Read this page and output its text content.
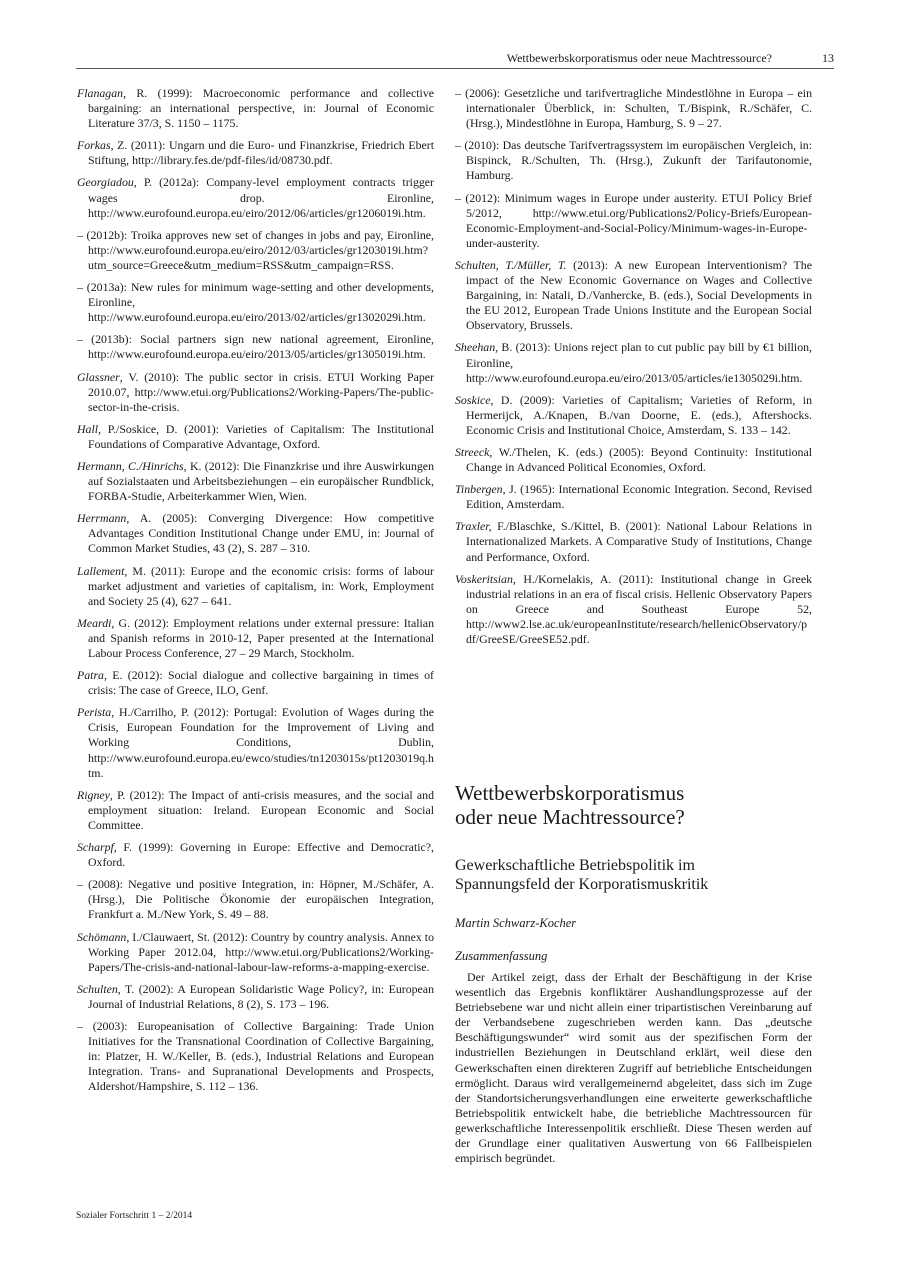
Wettbewerbskorporatismus oder neue Machtressource?	13

Flanagan, R. (1999): Macroeconomic performance and collective bargaining: an international perspective, in: Journal of Economic Literature 37/3, S. 1150 – 1175.

Forkas, Z. (2011): Ungarn und die Euro- und Finanzkrise, Friedrich Ebert Stiftung, http://library.fes.de/pdf-files/id/08730.pdf.

Georgiadou, P. (2012a): Company-level employment contracts trigger wages drop. Eironline, http://www.eurofound.europa.eu/eiro/2012/06/articles/gr1206019i.htm.

– (2012b): Troika approves new set of changes in jobs and pay, Eironline, http://www.eurofound.europa.eu/eiro/2012/03/articles/gr1203019i.htm?utm_source=Greece&utm_medium=RSS&utm_campaign=RSS.

– (2013a): New rules for minimum wage-setting and other developments, Eironline, http://www.eurofound.europa.eu/eiro/2013/02/articles/gr1302029i.htm.

– (2013b): Social partners sign new national agreement, Eironline, http://www.eurofound.europa.eu/eiro/2013/05/articles/gr1305019i.htm.

Glassner, V. (2010): The public sector in crisis. ETUI Working Paper 2010.07, http://www.etui.org/Publications2/Working-Papers/The-public-sector-in-the-crisis.

Hall, P./Soskice, D. (2001): Varieties of Capitalism: The Institutional Foundations of Comparative Advantage, Oxford.

Hermann, C./Hinrichs, K. (2012): Die Finanzkrise und ihre Auswirkungen auf Sozialstaaten und Arbeitsbeziehungen – ein europäischer Rundblick, FORBA-Studie, Arbeiterkammer Wien, Wien.

Herrmann, A. (2005): Converging Divergence: How competitive Advantages Condition Institutional Change under EMU, in: Journal of Common Market Studies, 43 (2), S. 287 – 310.

Lallement, M. (2011): Europe and the economic crisis: forms of labour market adjustment and varieties of capitalism, in: Work, Employment and Society 25 (4), 627 – 641.

Meardi, G. (2012): Employment relations under external pressure: Italian and Spanish reforms in 2010-12, Paper presented at the International Labour Process Conference, 27 – 29 March, Stockholm.

Patra, E. (2012): Social dialogue and collective bargaining in times of crisis: The case of Greece, ILO, Genf.

Perista, H./Carrilho, P. (2012): Portugal: Evolution of Wages during the Crisis, European Foundation for the Improvement of Living and Working Conditions, Dublin, http://www.eurofound.europa.eu/ewco/studies/tn1203015s/pt1203019q.htm.

Rigney, P. (2012): The Impact of anti-crisis measures, and the social and employment situation: Ireland. European Economic and Social Committee.

Scharpf, F. (1999): Governing in Europe: Effective and Democratic?, Oxford.

– (2008): Negative und positive Integration, in: Höpner, M./Schäfer, A. (Hrsg.), Die Politische Ökonomie der europäischen Integration, Frankfurt a. M./New York, S. 49 – 88.

Schömann, I./Clauwaert, St. (2012): Country by country analysis. Annex to Working Paper 2012.04, http://www.etui.org/Publications2/Working-Papers/The-crisis-and-national-labour-law-reforms-a-mapping-exercise.

Schulten, T. (2002): A European Solidaristic Wage Policy?, in: European Journal of Industrial Relations, 8 (2), S. 173 – 196.

– (2003): Europeanisation of Collective Bargaining: Trade Union Initiatives for the Transnational Coordination of Collective Bargaining, in: Platzer, H. W./Keller, B. (eds.), Industrial Relations and European Integration. Trans- and Supranational Developments and Prospects, Aldershot/Hampshire, S. 112 – 136.

– (2006): Gesetzliche und tarifvertragliche Mindestlöhne in Europa – ein internationaler Überblick, in: Schulten, T./Bispink, R./Schäfer, C. (Hrsg.), Mindestlöhne in Europa, Hamburg, S. 9 – 27.

– (2010): Das deutsche Tarifvertragssystem im europäischen Vergleich, in: Bispinck, R./Schulten, Th. (Hrsg.), Zukunft der Tarifautonomie, Hamburg.

– (2012): Minimum wages in Europe under austerity. ETUI Policy Brief 5/2012, http://www.etui.org/Publications2/Policy-Briefs/European-Economic-Employment-and-Social-Policy/Minimum-wages-in-Europe-under-austerity.

Schulten, T./Müller, T. (2013): A new European Interventionism? The impact of the New Economic Governance on Wages and Collective Bargaining, in: Natali, D./Vanhercke, B. (eds.), Social Developments in the EU 2012, European Trade Unions Institute and the European Social Observatory, Brussels.

Sheehan, B. (2013): Unions reject plan to cut public pay bill by €1 billion, Eironline, http://www.eurofound.europa.eu/eiro/2013/05/articles/ie1305029i.htm.

Soskice, D. (2009): Varieties of Capitalism; Varieties of Reform, in Hermerijck, A./Knapen, B./van Doorne, E. (eds.), Aftershocks. Economic Crisis and Institutional Choice, Amsterdam, S. 133 – 142.

Streeck, W./Thelen, K. (eds.) (2005): Beyond Continuity: Institutional Change in Advanced Political Economies, Oxford.

Tinbergen, J. (1965): International Economic Integration. Second, Revised Edition, Amsterdam.

Traxler, F./Blaschke, S./Kittel, B. (2001): National Labour Relations in Internationalized Markets. A Comparative Study of Institutions, Change and Performance, Oxford.

Voskeritsian, H./Kornelakis, A. (2011): Institutional change in Greek industrial relations in an era of fiscal crisis. Hellenic Observatory Papers on Greece and Southeast Europe 52, http://www2.lse.ac.uk/europeanInstitute/research/hellenicObservatory/pdf/GreeSE/GreeSE52.pdf.

Wettbewerbskorporatismus
oder neue Machtressource?
Gewerkschaftliche Betriebspolitik im
Spannungsfeld der Korporatismuskritik

Martin Schwarz-Kocher

Zusammenfassung

Der Artikel zeigt, dass der Erhalt der Beschäftigung in der Krise wesentlich das Ergebnis konfliktärer Aushandlungsprozesse auf der Betriebsebene war und nicht allein einer tripartistischen Vereinbarung auf der Verbandsebene zugeschrieben werden kann. Das „deutsche Beschäftigungswunder“ wird somit aus der spezifischen Form der industriellen Beziehungen in Deutschland erklärt, weil diese den Gewerkschaften einen direkteren Zugriff auf betriebliche Entscheidungen ermöglicht. Daraus wird verallgemeinernd abgeleitet, dass sich im Zuge der Standortsicherungsverhandlungen eine erweiterte gewerkschaftliche Betriebspolitik entwickelt habe, die betriebliche Machtressourcen für gewerkschaftliche Interessenpolitik erschließt. Diese Thesen werden auf der Grundlage einer qualitativen Auswertung von 66 Fallbeispielen empirisch begründet.

Sozialer Fortschritt 1 – 2/2014
